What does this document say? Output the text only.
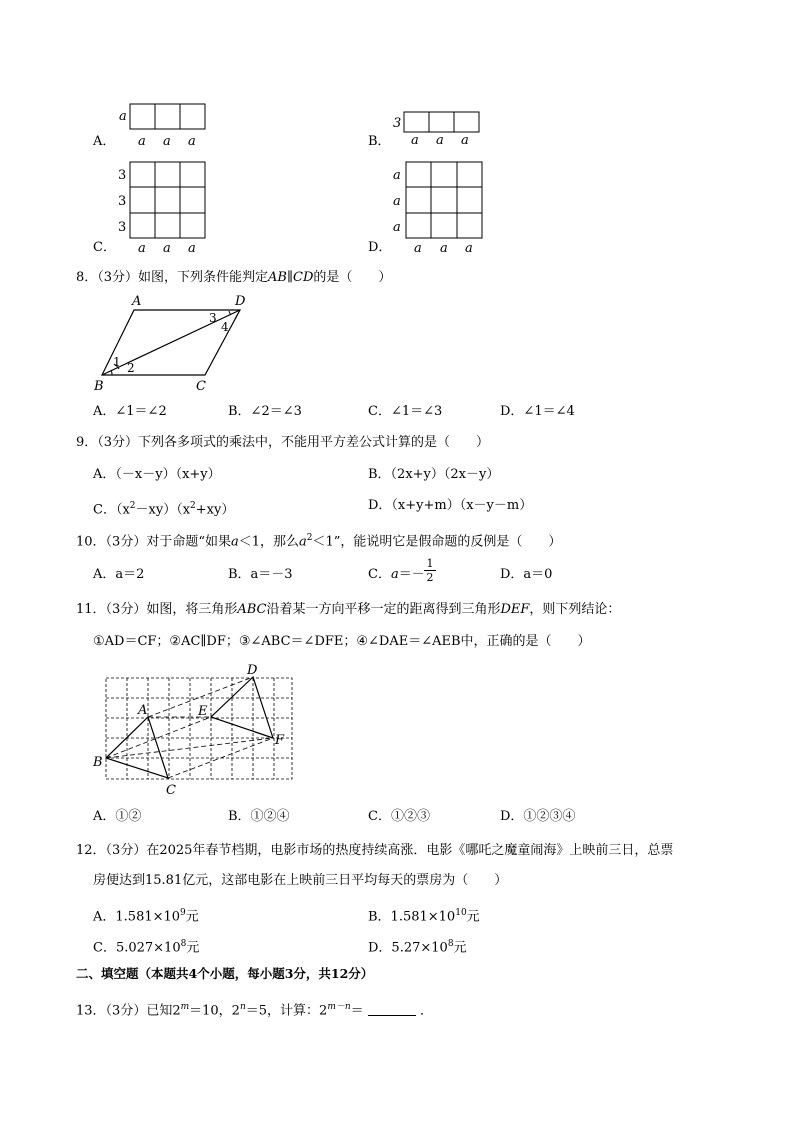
A．
a
a a a	B．
3
a a a
C．
3
3
3
a a a	D．
a
a
a
a a a
8．（3分）如图，下列条件能判定AB∥CD的是（　　）
A	D
B	C
1 2
3
4
A．∠1＝∠2	B．∠2＝∠3	C．∠1＝∠3	D．∠1＝∠4
9．（3分）下列各多项式的乘法中，不能用平方差公式计算的是（　　）
A．（－x－y）（x+y）	B．（2x+y）（2x－y）
C．$(x^2-xy)(x^2+xy)$	D．（x+y+m）（x－y－m）
10．（3分）对于命题“如果a＜1，那么$a^2<1$”，能说明它是假命题的反例是（　　）
A．a＝2	B．a＝－3	C．$a=- \frac{1}{2}$	D．a＝0
11．（3分）如图，将三角形ABC沿着某一方向平移一定的距离得到三角形DEF，则下列结论：
①AD＝CF；②AC∥DF；③∠ABC＝∠DFE；④∠DAE＝∠AEB中，正确的是（　　）
A
B
C
D
E
F
A．①②	B．①②④	C．①②③	D．①②③④
12．（3分）在2025年春节档期，电影市场的热度持续高涨．电影《哪吒之魔童闹海》上映前三日，总票
房便达到15.81亿元，这部电影在上映前三日平均每天的票房为（　　）
A．$1.581\times 10^9$元	B．$1.581\times 10^{10}$元
C．$5.027\times 10^8$元	D．$5.27\times 10^8$元
二、填空题（本题共4个小题，每小题3分，共12分）
13．（3分）已知$2^m=10$，$2^n=5$，计算：$2^{m-n}=$	．
